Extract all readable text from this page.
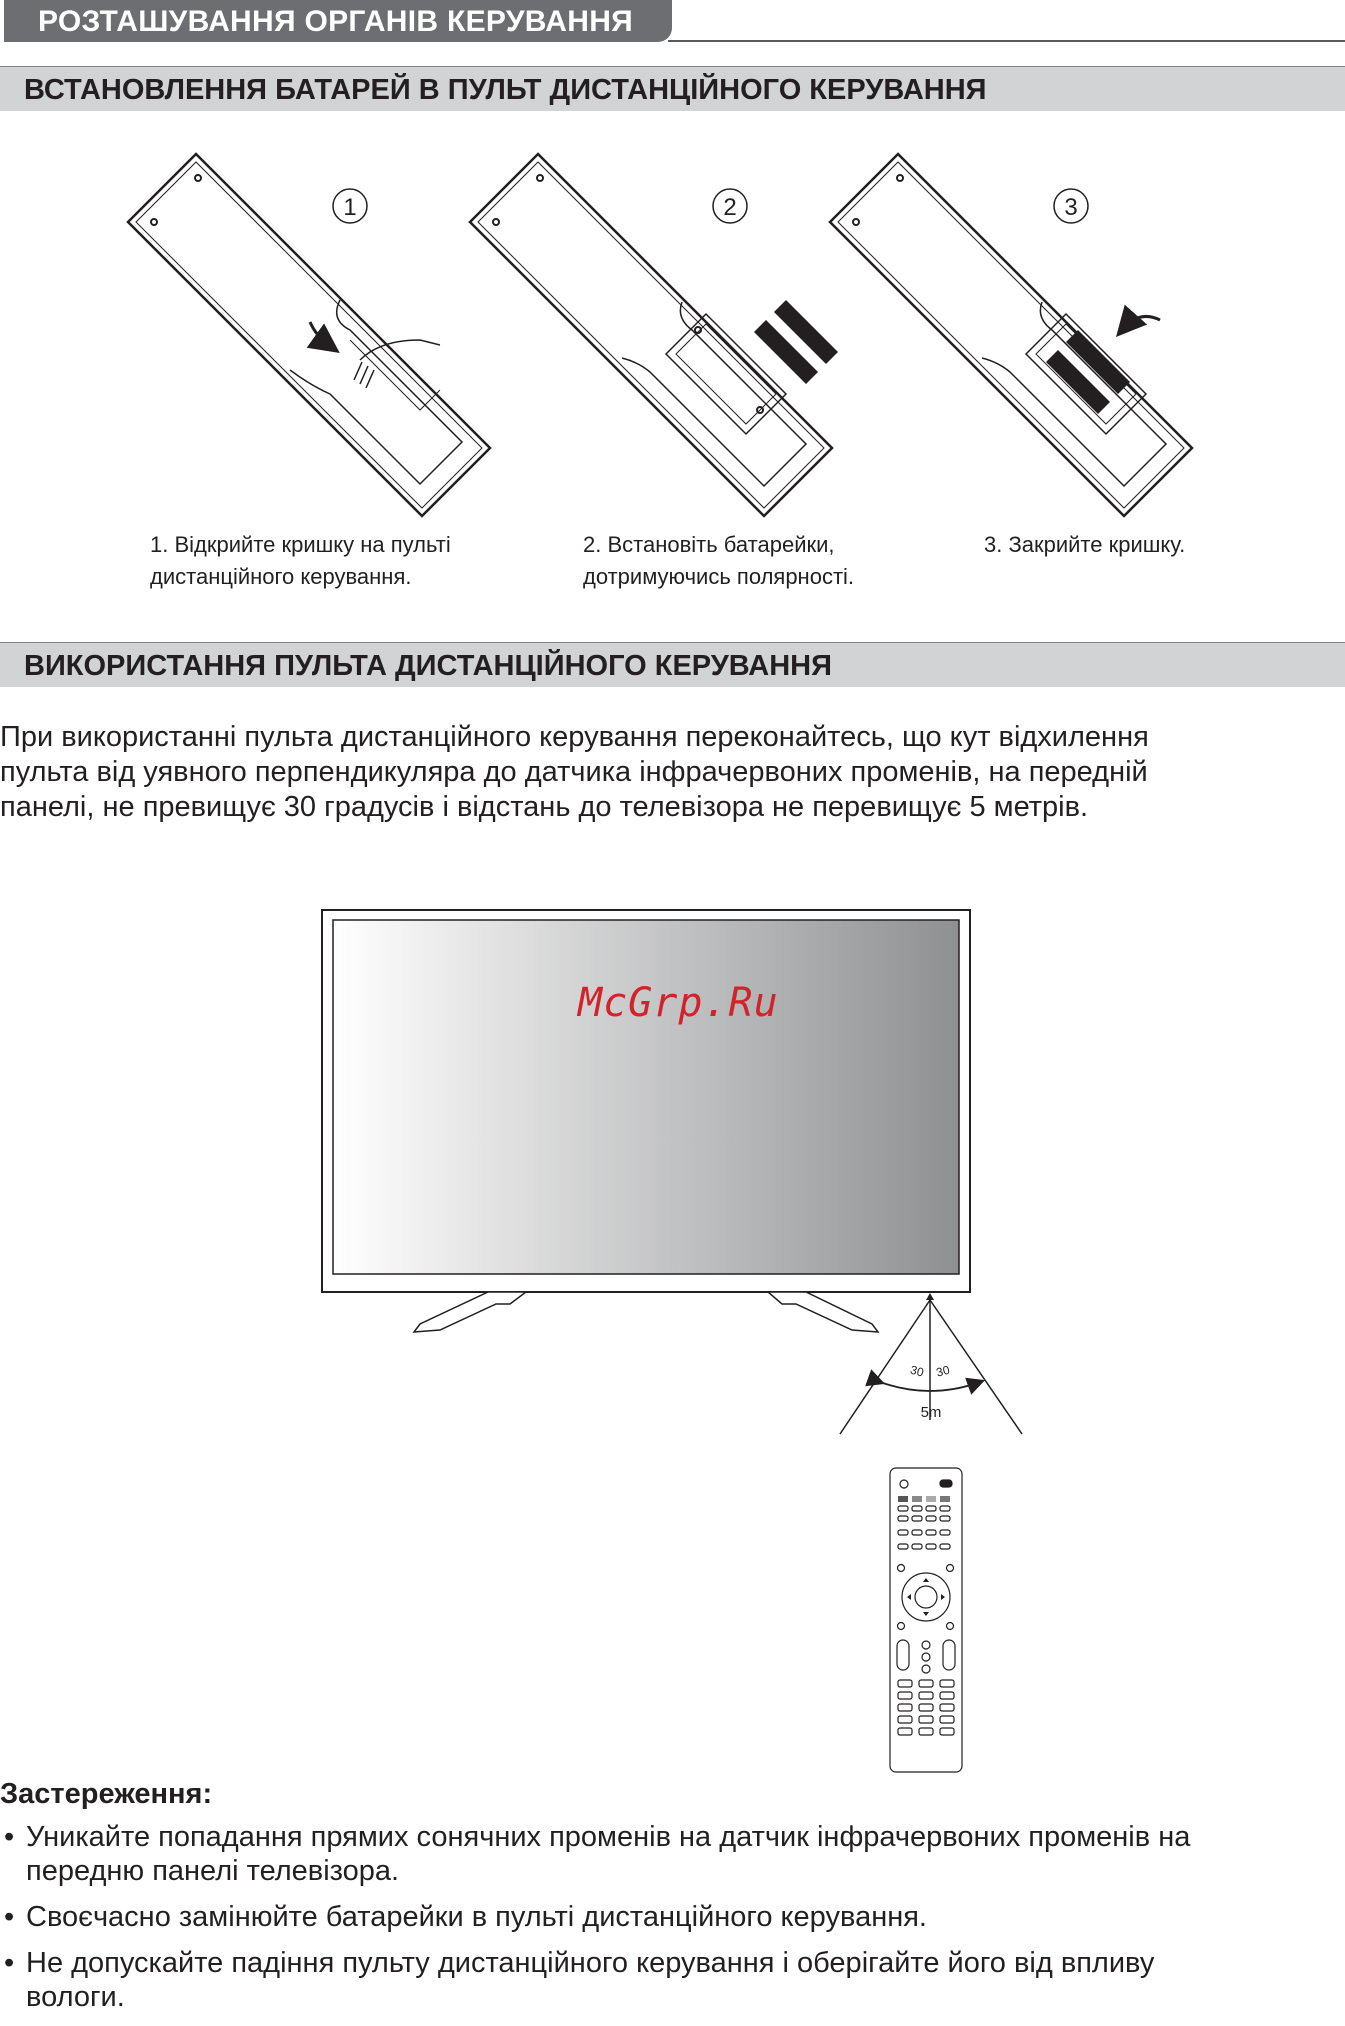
РОЗТАШУВАННЯ ОРГАНІВ КЕРУВАННЯ
ВСТАНОВЛЕННЯ БАТАРЕЙ В ПУЛЬТ ДИСТАНЦІЙНОГО КЕРУВАННЯ
1	2	3
1. Відкрийте кришку на пульті
дистанційного керування.
2. Встановіть батарейки,
дотримуючись полярності.
3. Закрийте кришку.
ВИКОРИСТАННЯ ПУЛЬТА ДИСТАНЦІЙНОГО КЕРУВАННЯ
При використанні пульта дистанційного керування переконайтесь, що кут відхилення
пульта від уявного перпендикуляра до датчика інфрачервоних променів, на передній
панелі, не превищує 30 градусів і відстань до телевізора не перевищує 5 метрів.
30 30
5m
McGrp.Ru
Застереження:
• Уникайте попадання прямих сонячних променів на датчик інфрачервоних променів на
передню панелі телевізора.
• Своєчасно замінюйте батарейки в пульті дистанційного керування.
• Не допускайте падіння пульту дистанційного керування і оберігайте його від впливу
вологи.
